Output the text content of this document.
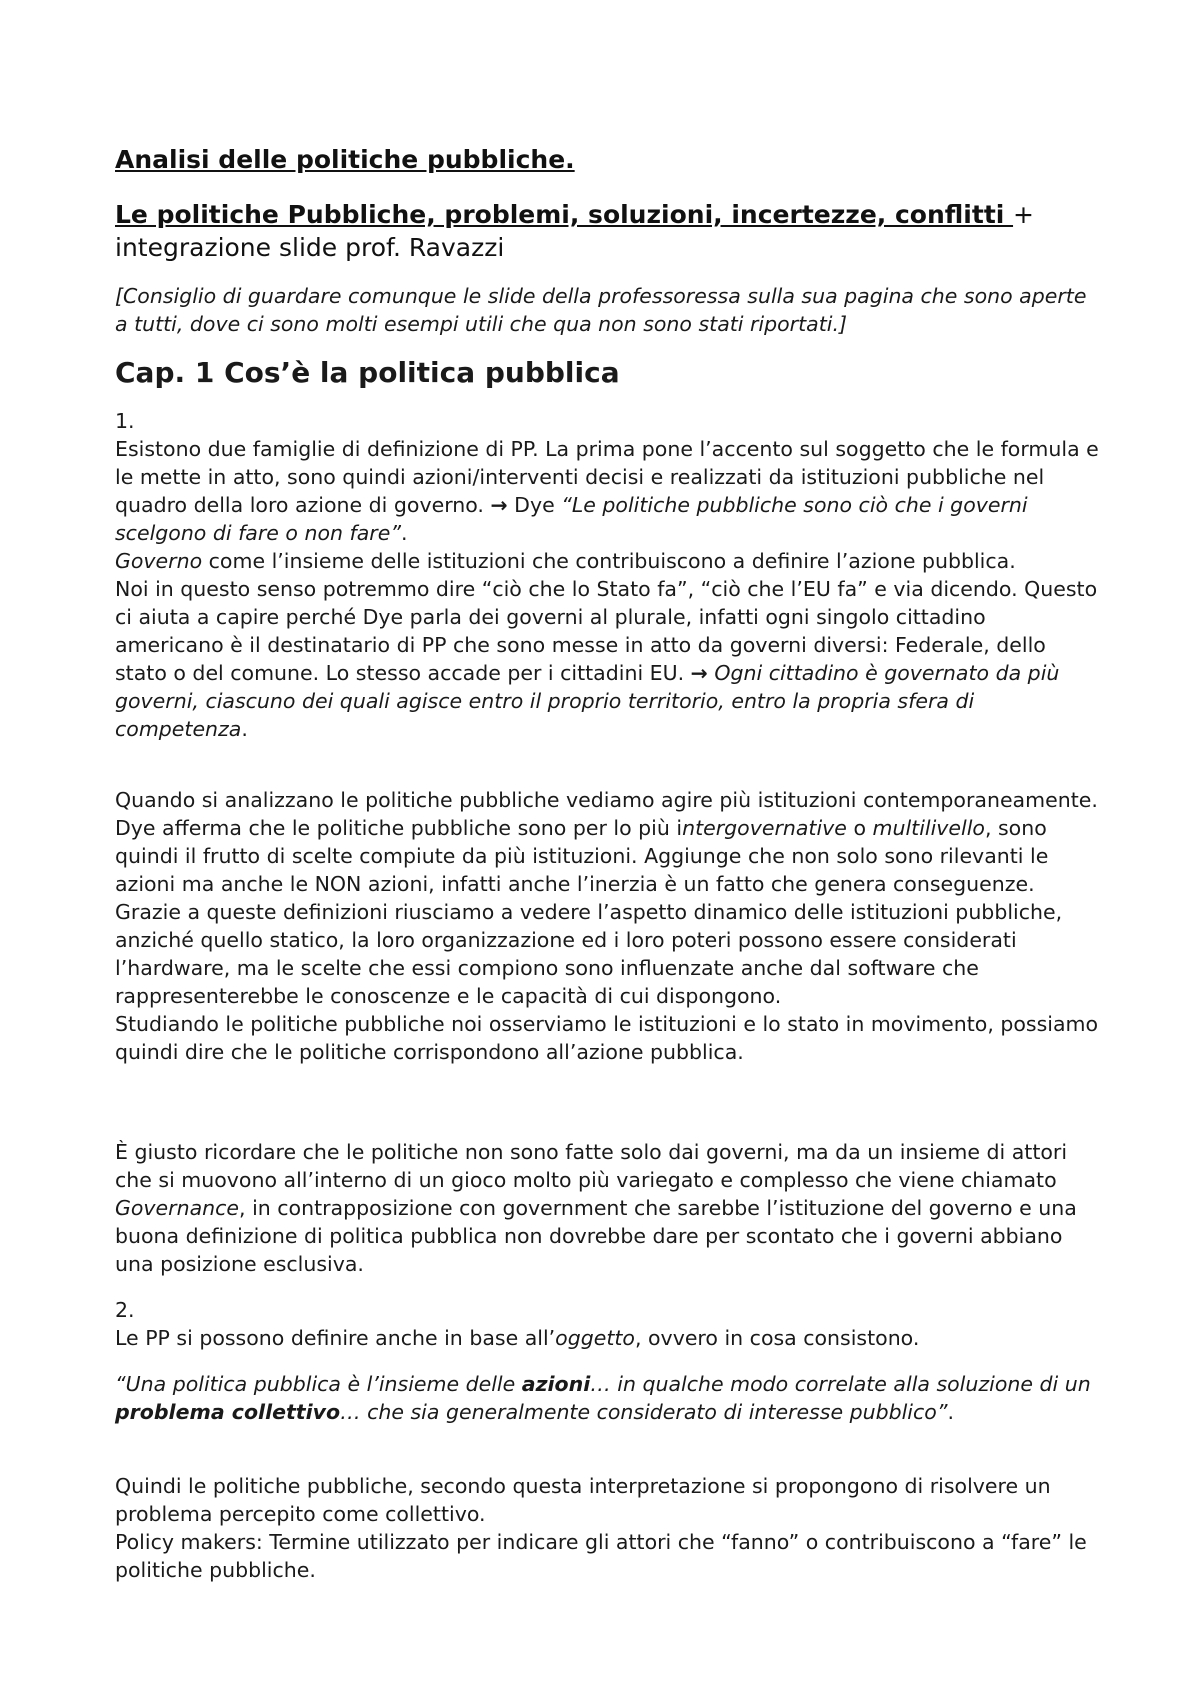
Analisi delle politiche pubbliche.
Le politiche Pubbliche, problemi, soluzioni, incertezze, conflitti + integrazione slide prof. Ravazzi

[Consiglio di guardare comunque le slide della professoressa sulla sua pagina che sono aperte a tutti, dove ci sono molti esempi utili che qua non sono stati riportati.]

Cap. 1 Cos’è la politica pubblica

1.

Esistono due famiglie di definizione di PP. La prima pone l’accento sul soggetto che le formula e le mette in atto, sono quindi azioni/interventi decisi e realizzati da istituzioni pubbliche nel quadro della loro azione di governo. → Dye “Le politiche pubbliche sono ciò che i governi scelgono di fare o non fare”.

Governo come l’insieme delle istituzioni che contribuiscono a definire l’azione pubblica.

Noi in questo senso potremmo dire “ciò che lo Stato fa”, “ciò che l’EU fa” e via dicendo. Questo ci aiuta a capire perché Dye parla dei governi al plurale, infatti ogni singolo cittadino americano è il destinatario di PP che sono messe in atto da governi diversi: Federale, dello stato o del comune. Lo stesso accade per i cittadini EU. → Ogni cittadino è governato da più governi, ciascuno dei quali agisce entro il proprio territorio, entro la propria sfera di competenza.

Quando si analizzano le politiche pubbliche vediamo agire più istituzioni contemporaneamente.

Dye afferma che le politiche pubbliche sono per lo più intergovernative o multilivello, sono quindi il frutto di scelte compiute da più istituzioni. Aggiunge che non solo sono rilevanti le azioni ma anche le NON azioni, infatti anche l’inerzia è un fatto che genera conseguenze.

Grazie a queste definizioni riusciamo a vedere l’aspetto dinamico delle istituzioni pubbliche, anziché quello statico, la loro organizzazione ed i loro poteri possono essere considerati l’hardware, ma le scelte che essi compiono sono influenzate anche dal software che rappresenterebbe le conoscenze e le capacità di cui dispongono.

Studiando le politiche pubbliche noi osserviamo le istituzioni e lo stato in movimento, possiamo quindi dire che le politiche corrispondono all’azione pubblica.

È giusto ricordare che le politiche non sono fatte solo dai governi, ma da un insieme di attori che si muovono all’interno di un gioco molto più variegato e complesso che viene chiamato Governance, in contrapposizione con government che sarebbe l’istituzione del governo e una buona definizione di politica pubblica non dovrebbe dare per scontato che i governi abbiano una posizione esclusiva.

2.

Le PP si possono definire anche in base all’oggetto, ovvero in cosa consistono.

“Una politica pubblica è l’insieme delle azioni… in qualche modo correlate alla soluzione di un problema collettivo… che sia generalmente considerato di interesse pubblico”.

Quindi le politiche pubbliche, secondo questa interpretazione si propongono di risolvere un problema percepito come collettivo.

Policy makers: Termine utilizzato per indicare gli attori che “fanno” o contribuiscono a “fare” le politiche pubbliche.
